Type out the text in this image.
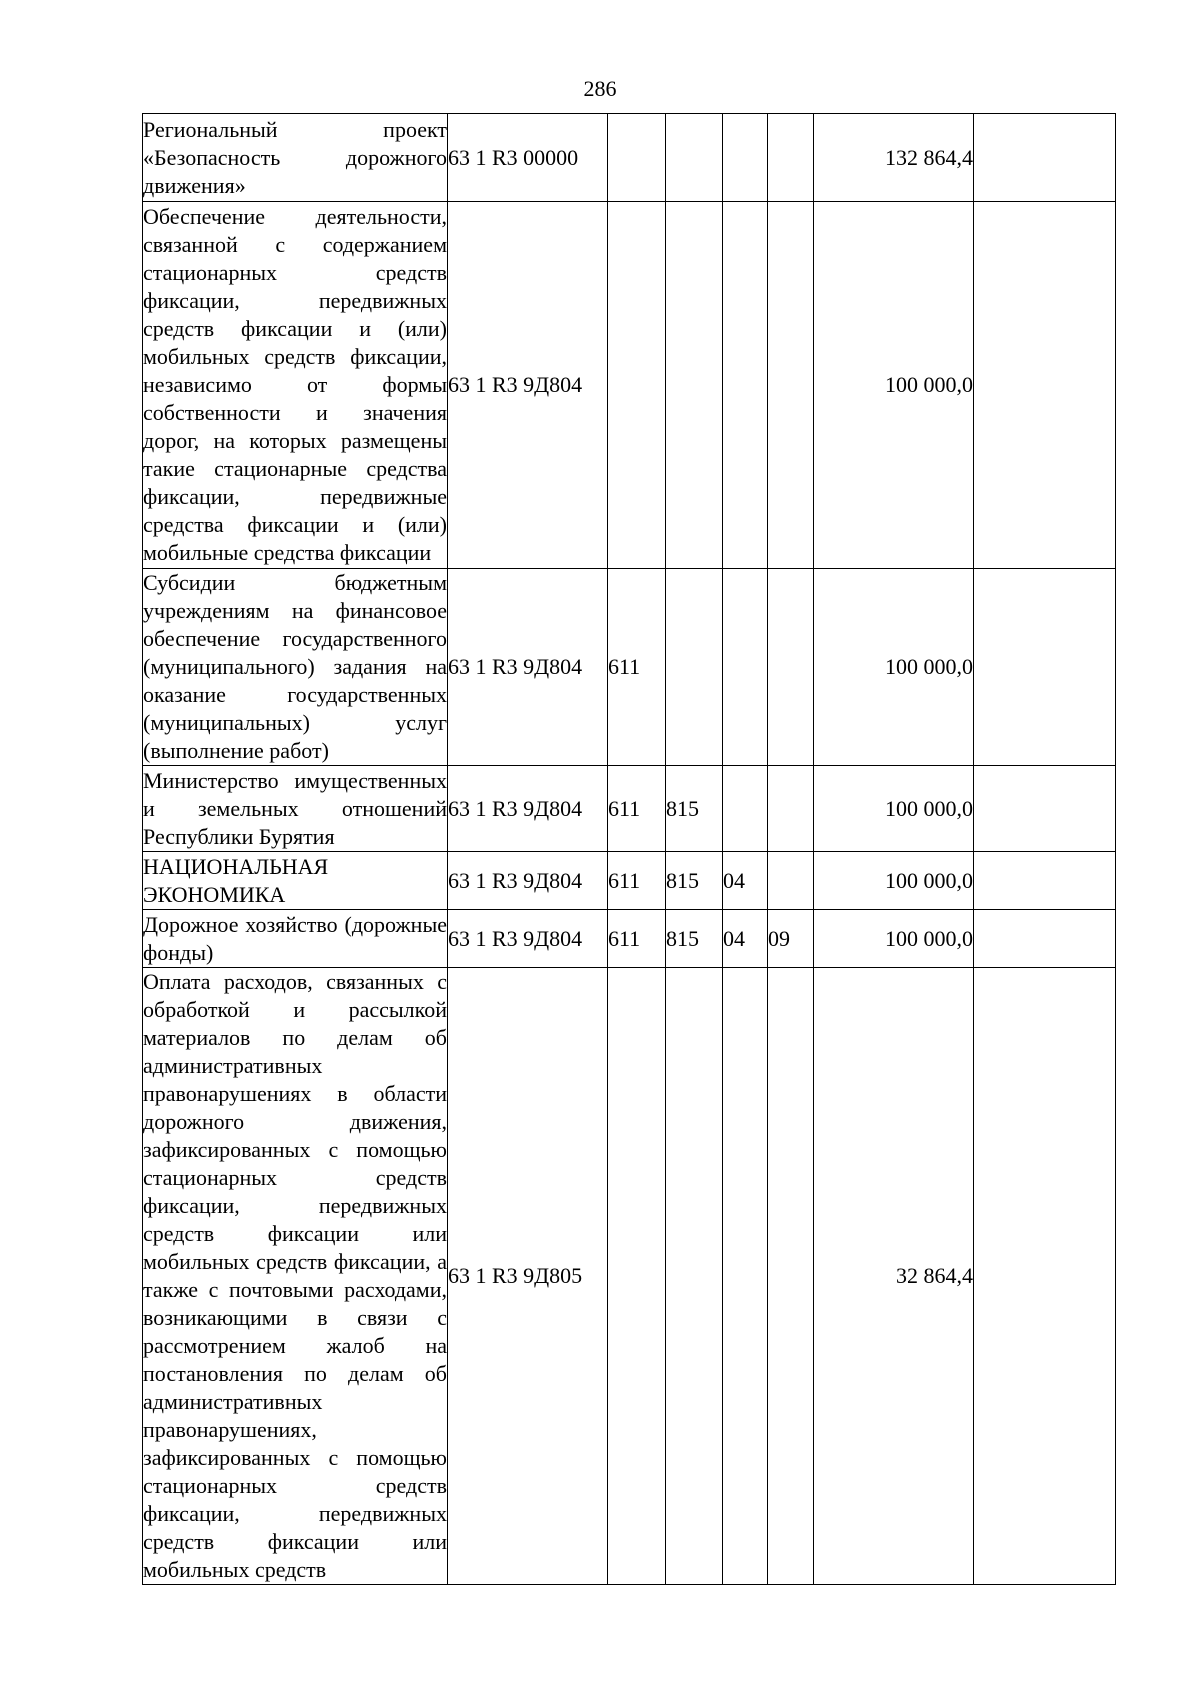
286
Региональный проект «Безопасность дорожного движения»	63 1 R3 00000					132 864,4	

Обеспечение деятельности, связанной с содержанием стационарных средств фиксации, передвижных средств фиксации и (или) мобильных средств фиксации, независимо от формы собственности и значения дорог, на которых размещены такие стационарные средства фиксации, передвижные средства фиксации и (или) мобильные средства фиксации	63 1 R3 9Д804					100 000,0	

Субсидии бюджетным учреждениям на финансовое обеспечение государственного (муниципального) задания на оказание государственных (муниципальных) услуг (выполнение работ)	63 1 R3 9Д804	611				100 000,0	

Министерство имущественных и земельных отношений Республики Бурятия	63 1 R3 9Д804	611	815			100 000,0	

НАЦИОНАЛЬНАЯ ЭКОНОМИКА	63 1 R3 9Д804	611	815	04		100 000,0	

Дорожное хозяйство (дорожные фонды)	63 1 R3 9Д804	611	815	04	09	100 000,0	

Оплата расходов, связанных с обработкой и рассылкой материалов по делам об административных правонарушениях в области дорожного движения, зафиксированных с помощью стационарных средств фиксации, передвижных средств фиксации или мобильных средств фиксации, а также с почтовыми расходами, возникающими в связи с рассмотрением жалоб на постановления по делам об административных правонарушениях, зафиксированных с помощью стационарных средств фиксации, передвижных средств фиксации или мобильных средств	63 1 R3 9Д805					32 864,4	
